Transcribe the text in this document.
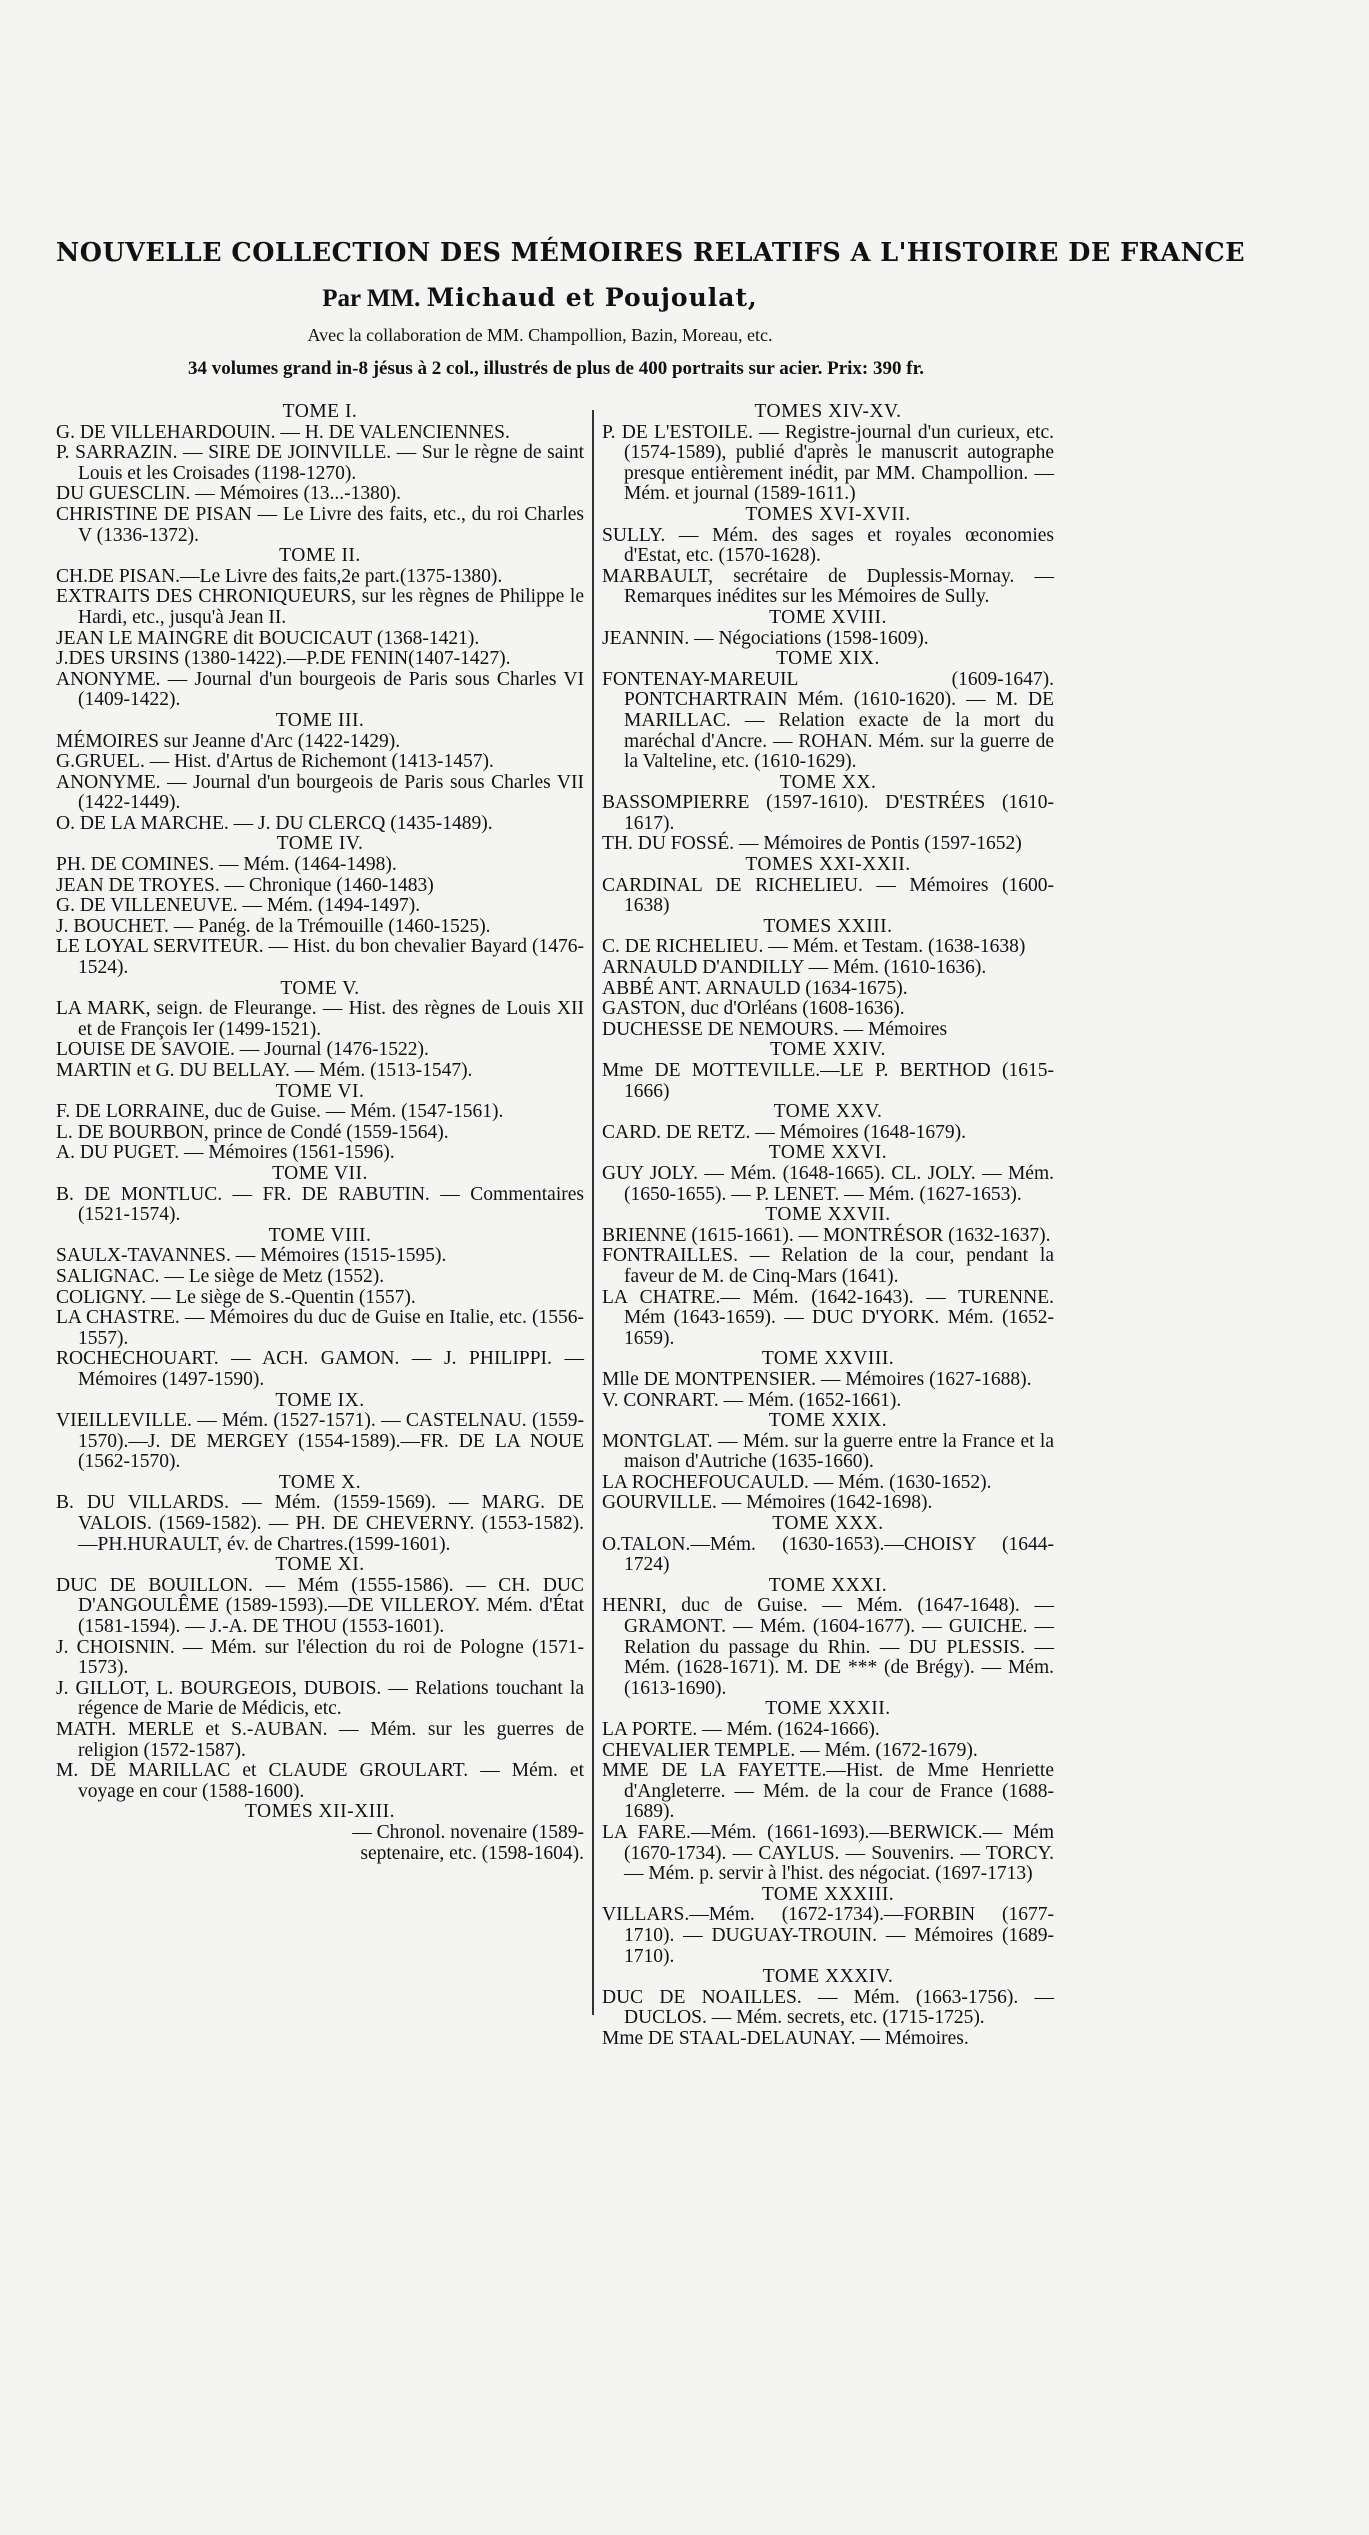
NOUVELLE COLLECTION DES MÉMOIRES RELATIFS A L'HISTOIRE DE FRANCE
Par MM. Michaud et Poujoulat,
Avec la collaboration de MM. Champollion, Bazin, Moreau, etc.
34 volumes grand in-8 jésus à 2 col., illustrés de plus de 400 portraits sur acier. Prix: 390 fr.
TOME I.
G. DE VILLEHARDOUIN. — H. DE VALENCIENNES.
P. SARRAZIN. — SIRE DE JOINVILLE. — Sur le règne de saint Louis et les Croisades (1198-1270).
DU GUESCLIN. — Mémoires (13...-1380).
CHRISTINE DE PISAN — Le Livre des faits, etc., du roi Charles V (1336-1372).
TOME II.
CH.DE PISAN.—Le Livre des faits,2e part.(1375-1380).
EXTRAITS DES CHRONIQUEURS, sur les règnes de Philippe le Hardi, etc., jusqu'à Jean II.
JEAN LE MAINGRE dit BOUCICAUT (1368-1421).
J.DES URSINS (1380-1422).—P.DE FENIN(1407-1427).
ANONYME. — Journal d'un bourgeois de Paris sous Charles VI (1409-1422).
TOME III.
MÉMOIRES sur Jeanne d'Arc (1422-1429).
G.GRUEL. — Hist. d'Artus de Richemont (1413-1457).
ANONYME. — Journal d'un bourgeois de Paris sous Charles VII (1422-1449).
O. DE LA MARCHE. — J. DU CLERCQ (1435-1489).
TOME IV.
PH. DE COMINES. — Mém. (1464-1498).
JEAN DE TROYES. — Chronique (1460-1483)
G. DE VILLENEUVE. — Mém. (1494-1497).
J. BOUCHET. — Panég. de la Trémouille (1460-1525).
LE LOYAL SERVITEUR. — Hist. du bon chevalier Bayard (1476-1524).
TOME V.
LA MARK, seign. de Fleurange. — Hist. des règnes de Louis XII et de François Ier (1499-1521).
LOUISE DE SAVOIE. — Journal (1476-1522).
MARTIN et G. DU BELLAY. — Mém. (1513-1547).
TOME VI.
F. DE LORRAINE, duc de Guise. — Mém. (1547-1561).
L. DE BOURBON, prince de Condé (1559-1564).
A. DU PUGET. — Mémoires (1561-1596).
TOME VII.
B. DE MONTLUC. — FR. DE RABUTIN. — Commentaires (1521-1574).
TOME VIII.
SAULX-TAVANNES. — Mémoires (1515-1595).
SALIGNAC. — Le siège de Metz (1552).
COLIGNY. — Le siège de S.-Quentin (1557).
LA CHASTRE. — Mémoires du duc de Guise en Italie, etc. (1556-1557).
ROCHECHOUART. — ACH. GAMON. — J. PHILIPPI. — Mémoires (1497-1590).
TOME IX.
VIEILLEVILLE. — Mém. (1527-1571). — CASTELNAU. (1559-1570).—J. DE MERGEY (1554-1589).—FR. DE LA NOUE (1562-1570).
TOME X.
B. DU VILLARDS. — Mém. (1559-1569). — MARG. DE VALOIS. (1569-1582). — PH. DE CHEVERNY. (1553-1582).—PH.HURAULT, év. de Chartres.(1599-1601).
TOME XI.
DUC DE BOUILLON. — Mém (1555-1586). — CH. DUC D'ANGOULÊME (1589-1593).—DE VILLEROY. Mém. d'État (1581-1594). — J.-A. DE THOU (1553-1601).
J. CHOISNIN. — Mém. sur l'élection du roi de Pologne (1571-1573).
J. GILLOT, L. BOURGEOIS, DUBOIS. — Relations touchant la régence de Marie de Médicis, etc.
MATH. MERLE et S.-AUBAN. — Mém. sur les guerres de religion (1572-1587).
M. DE MARILLAC et CLAUDE GROULART. — Mém. et voyage en cour (1588-1600).
TOMES XII-XIII.
— Chronol. novenaire (1589-
septenaire, etc. (1598-1604).
TOMES XIV-XV.
P. DE L'ESTOILE. — Registre-journal d'un curieux, etc. (1574-1589), publié d'après le manuscrit autographe presque entièrement inédit, par MM. Champollion. — Mém. et journal (1589-1611.)
TOMES XVI-XVII.
SULLY. — Mém. des sages et royales œconomies d'Estat, etc. (1570-1628).
MARBAULT, secrétaire de Duplessis-Mornay. — Remarques inédites sur les Mémoires de Sully.
TOME XVIII.
JEANNIN. — Négociations (1598-1609).
TOME XIX.
FONTENAY-MAREUIL (1609-1647). PONTCHARTRAIN Mém. (1610-1620). — M. DE MARILLAC. — Relation exacte de la mort du maréchal d'Ancre. — ROHAN. Mém. sur la guerre de la Valteline, etc. (1610-1629).
TOME XX.
BASSOMPIERRE (1597-1610). D'ESTRÉES (1610-1617).
TH. DU FOSSÉ. — Mémoires de Pontis (1597-1652)
TOMES XXI-XXII.
CARDINAL DE RICHELIEU. — Mémoires (1600-1638)
TOMES XXIII.
C. DE RICHELIEU. — Mém. et Testam. (1638-1638)
ARNAULD D'ANDILLY — Mém. (1610-1636).
ABBÉ ANT. ARNAULD (1634-1675).
GASTON, duc d'Orléans (1608-1636).
DUCHESSE DE NEMOURS. — Mémoires
TOME XXIV.
Mme DE MOTTEVILLE.—LE P. BERTHOD (1615-1666)
TOME XXV.
CARD. DE RETZ. — Mémoires (1648-1679).
TOME XXVI.
GUY JOLY. — Mém. (1648-1665). CL. JOLY. — Mém. (1650-1655). — P. LENET. — Mém. (1627-1653).
TOME XXVII.
BRIENNE (1615-1661). — MONTRÉSOR (1632-1637).
FONTRAILLES. — Relation de la cour, pendant la faveur de M. de Cinq-Mars (1641).
LA CHATRE.— Mém. (1642-1643). — TURENNE. Mém (1643-1659). — DUC D'YORK. Mém. (1652-1659).
TOME XXVIII.
Mlle DE MONTPENSIER. — Mémoires (1627-1688).
V. CONRART. — Mém. (1652-1661).
TOME XXIX.
MONTGLAT. — Mém. sur la guerre entre la France et la maison d'Autriche (1635-1660).
LA ROCHEFOUCAULD. — Mém. (1630-1652).
GOURVILLE. — Mémoires (1642-1698).
TOME XXX.
O.TALON.—Mém. (1630-1653).—CHOISY (1644-1724)
TOME XXXI.
HENRI, duc de Guise. — Mém. (1647-1648). — GRAMONT. — Mém. (1604-1677). — GUICHE. — Relation du passage du Rhin. — DU PLESSIS. — Mém. (1628-1671). M. DE *** (de Brégy). — Mém. (1613-1690).
TOME XXXII.
LA PORTE. — Mém. (1624-1666).
CHEVALIER TEMPLE. — Mém. (1672-1679).
MME DE LA FAYETTE.—Hist. de Mme Henriette d'Angleterre. — Mém. de la cour de France (1688-1689).
LA FARE.—Mém. (1661-1693).—BERWICK.— Mém (1670-1734). — CAYLUS. — Souvenirs. — TORCY. — Mém. p. servir à l'hist. des négociat. (1697-1713)
TOME XXXIII.
VILLARS.—Mém. (1672-1734).—FORBIN (1677-1710). — DUGUAY-TROUIN. — Mémoires (1689-1710).
TOME XXXIV.
DUC DE NOAILLES. — Mém. (1663-1756). — DUCLOS. — Mém. secrets, etc. (1715-1725).
Mme DE STAAL-DELAUNAY. — Mémoires.
